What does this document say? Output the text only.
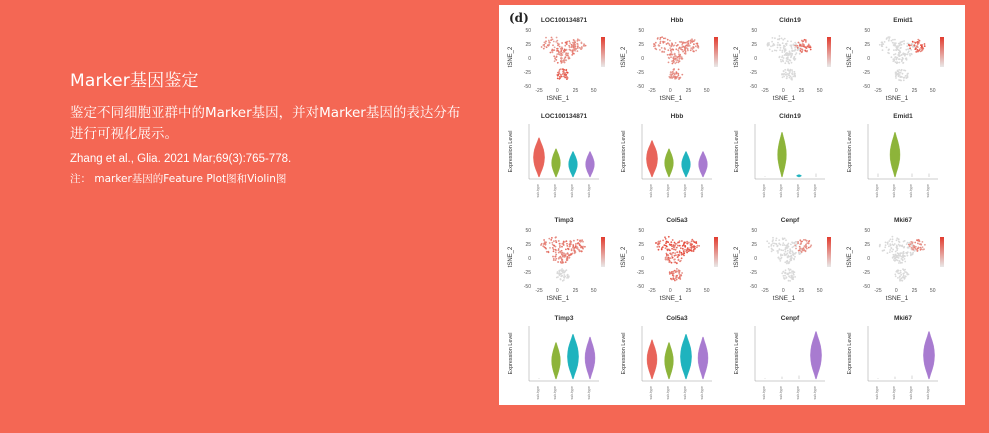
Marker基因鉴定
鉴定不同细胞亚群中的Marker基因，并对Marker基因的表达分布进行可视化展示。
Zhang et al., Glia. 2021 Mar;69(3):765-778.
注： marker基因的Feature Plot图和Violin图
(d) LOC100134871
50
25
0
-25
-50
tSNE_2
-25	0	25	50
tSNE_1
Hbb
50
25
0
-25
-50
tSNE_2
-25	0	25	50
tSNE_1
Cldn19
50
25
0
-25
-50
tSNE_2
-25	0	25	50
tSNE_1
Emid1
50
25
0
-25
-50
tSNE_2
-25	0	25	50
tSNE_1
LOC100134871
Expression Level
sub-type	sub-type	sub-type	sub-type
Hbb
Expression Level
sub-type	sub-type	sub-type	sub-type
Cldn19
Expression Level
sub-type	sub-type	sub-type	sub-type
Emid1
Expression Level
sub-type	sub-type	sub-type	sub-type
Timp3
50
25
0
-25
-50
tSNE_2
-25	0	25	50
tSNE_1
Col5a3
50
25
0
-25
-50
tSNE_2
-25	0	25	50
tSNE_1
Cenpf
50
25
0
-25
-50
tSNE_2
-25	0	25	50
tSNE_1
Mki67
50
25
0
-25
-50
tSNE_2
-25	0	25	50
tSNE_1
Timp3
Expression Level
sub-type	sub-type	sub-type	sub-type
Col5a3
Expression Level
sub-type	sub-type	sub-type	sub-type
Cenpf
Expression Level
sub-type	sub-type	sub-type	sub-type
Mki67
Expression Level
sub-type	sub-type	sub-type	sub-type
